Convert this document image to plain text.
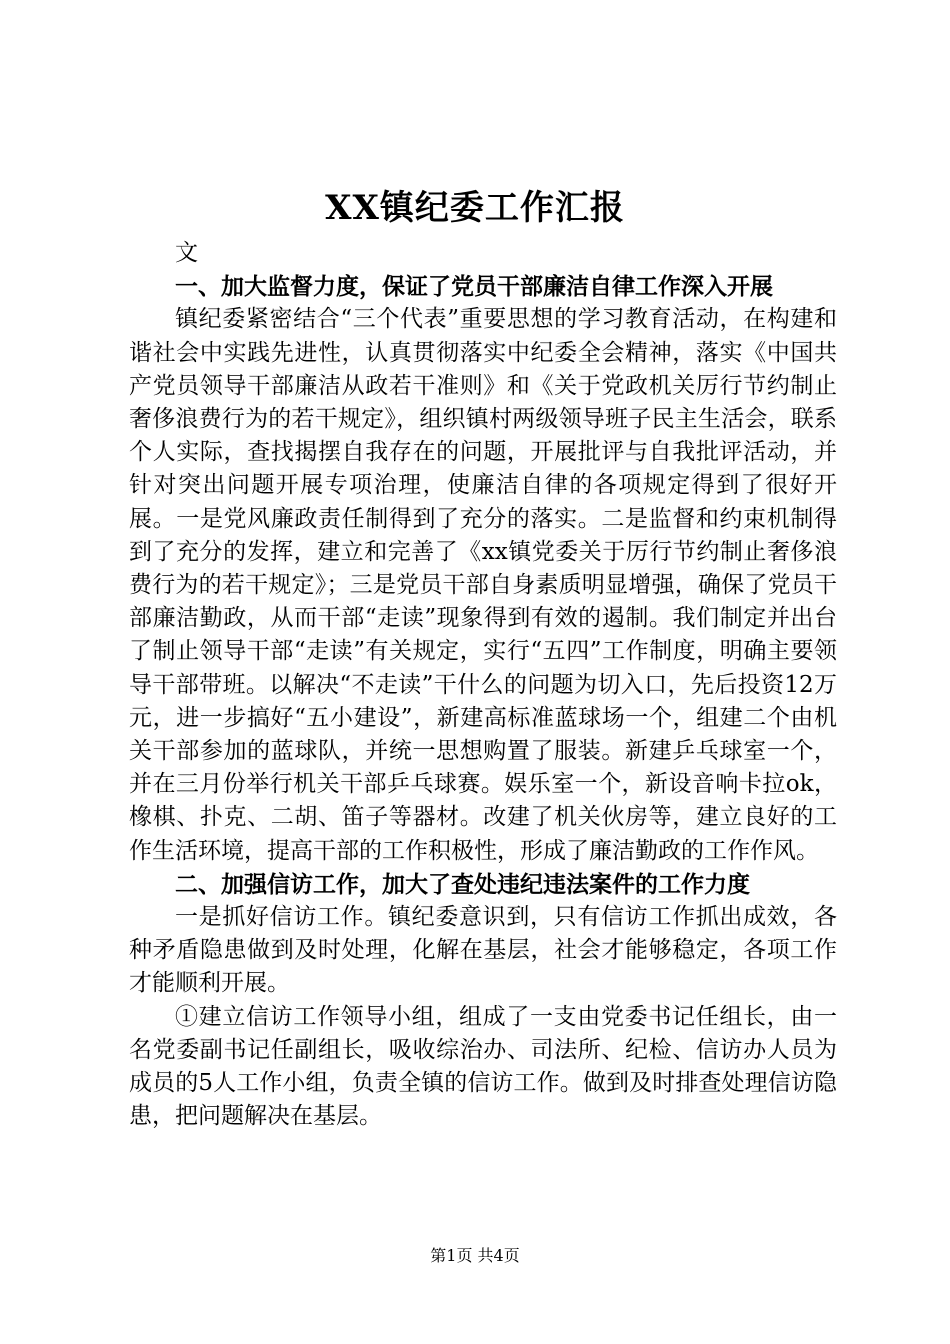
XX镇纪委工作汇报

文

一、加大监督力度，保证了党员干部廉洁自律工作深入开展

镇纪委紧密结合“三个代表”重要思想的学习教育活动，在构建和谐社会中实践先进性，认真贯彻落实中纪委全会精神，落实《中国共产党员领导干部廉洁从政若干准则》和《关于党政机关厉行节约制止奢侈浪费行为的若干规定》，组织镇村两级领导班子民主生活会，联系个人实际，查找揭摆自我存在的问题，开展批评与自我批评活动，并针对突出问题开展专项治理，使廉洁自律的各项规定得到了很好开展。一是党风廉政责任制得到了充分的落实。二是监督和约束机制得到了充分的发挥，建立和完善了《xx镇党委关于厉行节约制止奢侈浪费行为的若干规定》；三是党员干部自身素质明显增强，确保了党员干部廉洁勤政，从而干部“走读”现象得到有效的遏制。我们制定并出台了制止领导干部“走读”有关规定，实行“五四”工作制度，明确主要领导干部带班。以解决“不走读”干什么的问题为切入口，先后投资12万元，进一步搞好“五小建设”，新建高标准蓝球场一个，组建二个由机关干部参加的蓝球队，并统一思想购置了服装。新建乒乓球室一个，并在三月份举行机关干部乒乓球赛。娱乐室一个，新设音响卡拉ok，橡棋、扑克、二胡、笛子等器材。改建了机关伙房等，建立良好的工作生活环境，提高干部的工作积极性，形成了廉洁勤政的工作作风。

二、加强信访工作，加大了查处违纪违法案件的工作力度

一是抓好信访工作。镇纪委意识到，只有信访工作抓出成效，各种矛盾隐患做到及时处理，化解在基层，社会才能够稳定，各项工作才能顺利开展。

①建立信访工作领导小组，组成了一支由党委书记任组长，由一名党委副书记任副组长，吸收综治办、司法所、纪检、信访办人员为成员的5人工作小组，负责全镇的信访工作。做到及时排查处理信访隐患，把问题解决在基层。

第1页 共4页
